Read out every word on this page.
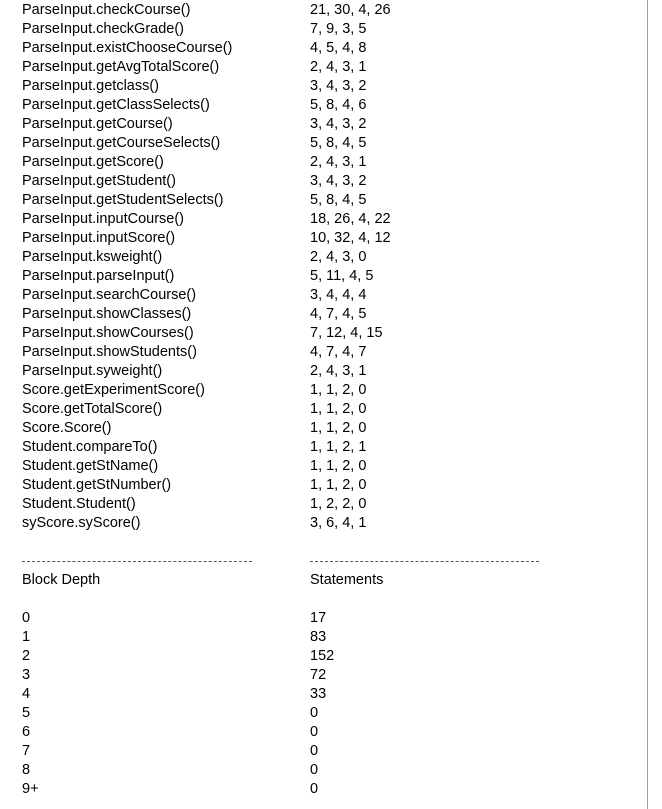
ParseInput.checkCourse()	21, 30, 4, 26
ParseInput.checkGrade()	7, 9, 3, 5
ParseInput.existChooseCourse()	4, 5, 4, 8
ParseInput.getAvgTotalScore()	2, 4, 3, 1
ParseInput.getclass()	3, 4, 3, 2
ParseInput.getClassSelects()	5, 8, 4, 6
ParseInput.getCourse()	3, 4, 3, 2
ParseInput.getCourseSelects()	5, 8, 4, 5
ParseInput.getScore()	2, 4, 3, 1
ParseInput.getStudent()	3, 4, 3, 2
ParseInput.getStudentSelects()	5, 8, 4, 5
ParseInput.inputCourse()	18, 26, 4, 22
ParseInput.inputScore()	10, 32, 4, 12
ParseInput.ksweight()	2, 4, 3, 0
ParseInput.parseInput()	5, 11, 4, 5
ParseInput.searchCourse()	3, 4, 4, 4
ParseInput.showClasses()	4, 7, 4, 5
ParseInput.showCourses()	7, 12, 4, 15
ParseInput.showStudents()	4, 7, 4, 7
ParseInput.syweight()	2, 4, 3, 1
Score.getExperimentScore()	1, 1, 2, 0
Score.getTotalScore()	1, 1, 2, 0
Score.Score()	1, 1, 2, 0
Student.compareTo()	1, 1, 2, 1
Student.getStName()	1, 1, 2, 0
Student.getStNumber()	1, 1, 2, 0
Student.Student()	1, 2, 2, 0
syScore.syScore()	3, 6, 4, 1
Block Depth	Statements
0	17
1	83
2	152
3	72
4	33
5	0
6	0
7	0
8	0
9+	0
